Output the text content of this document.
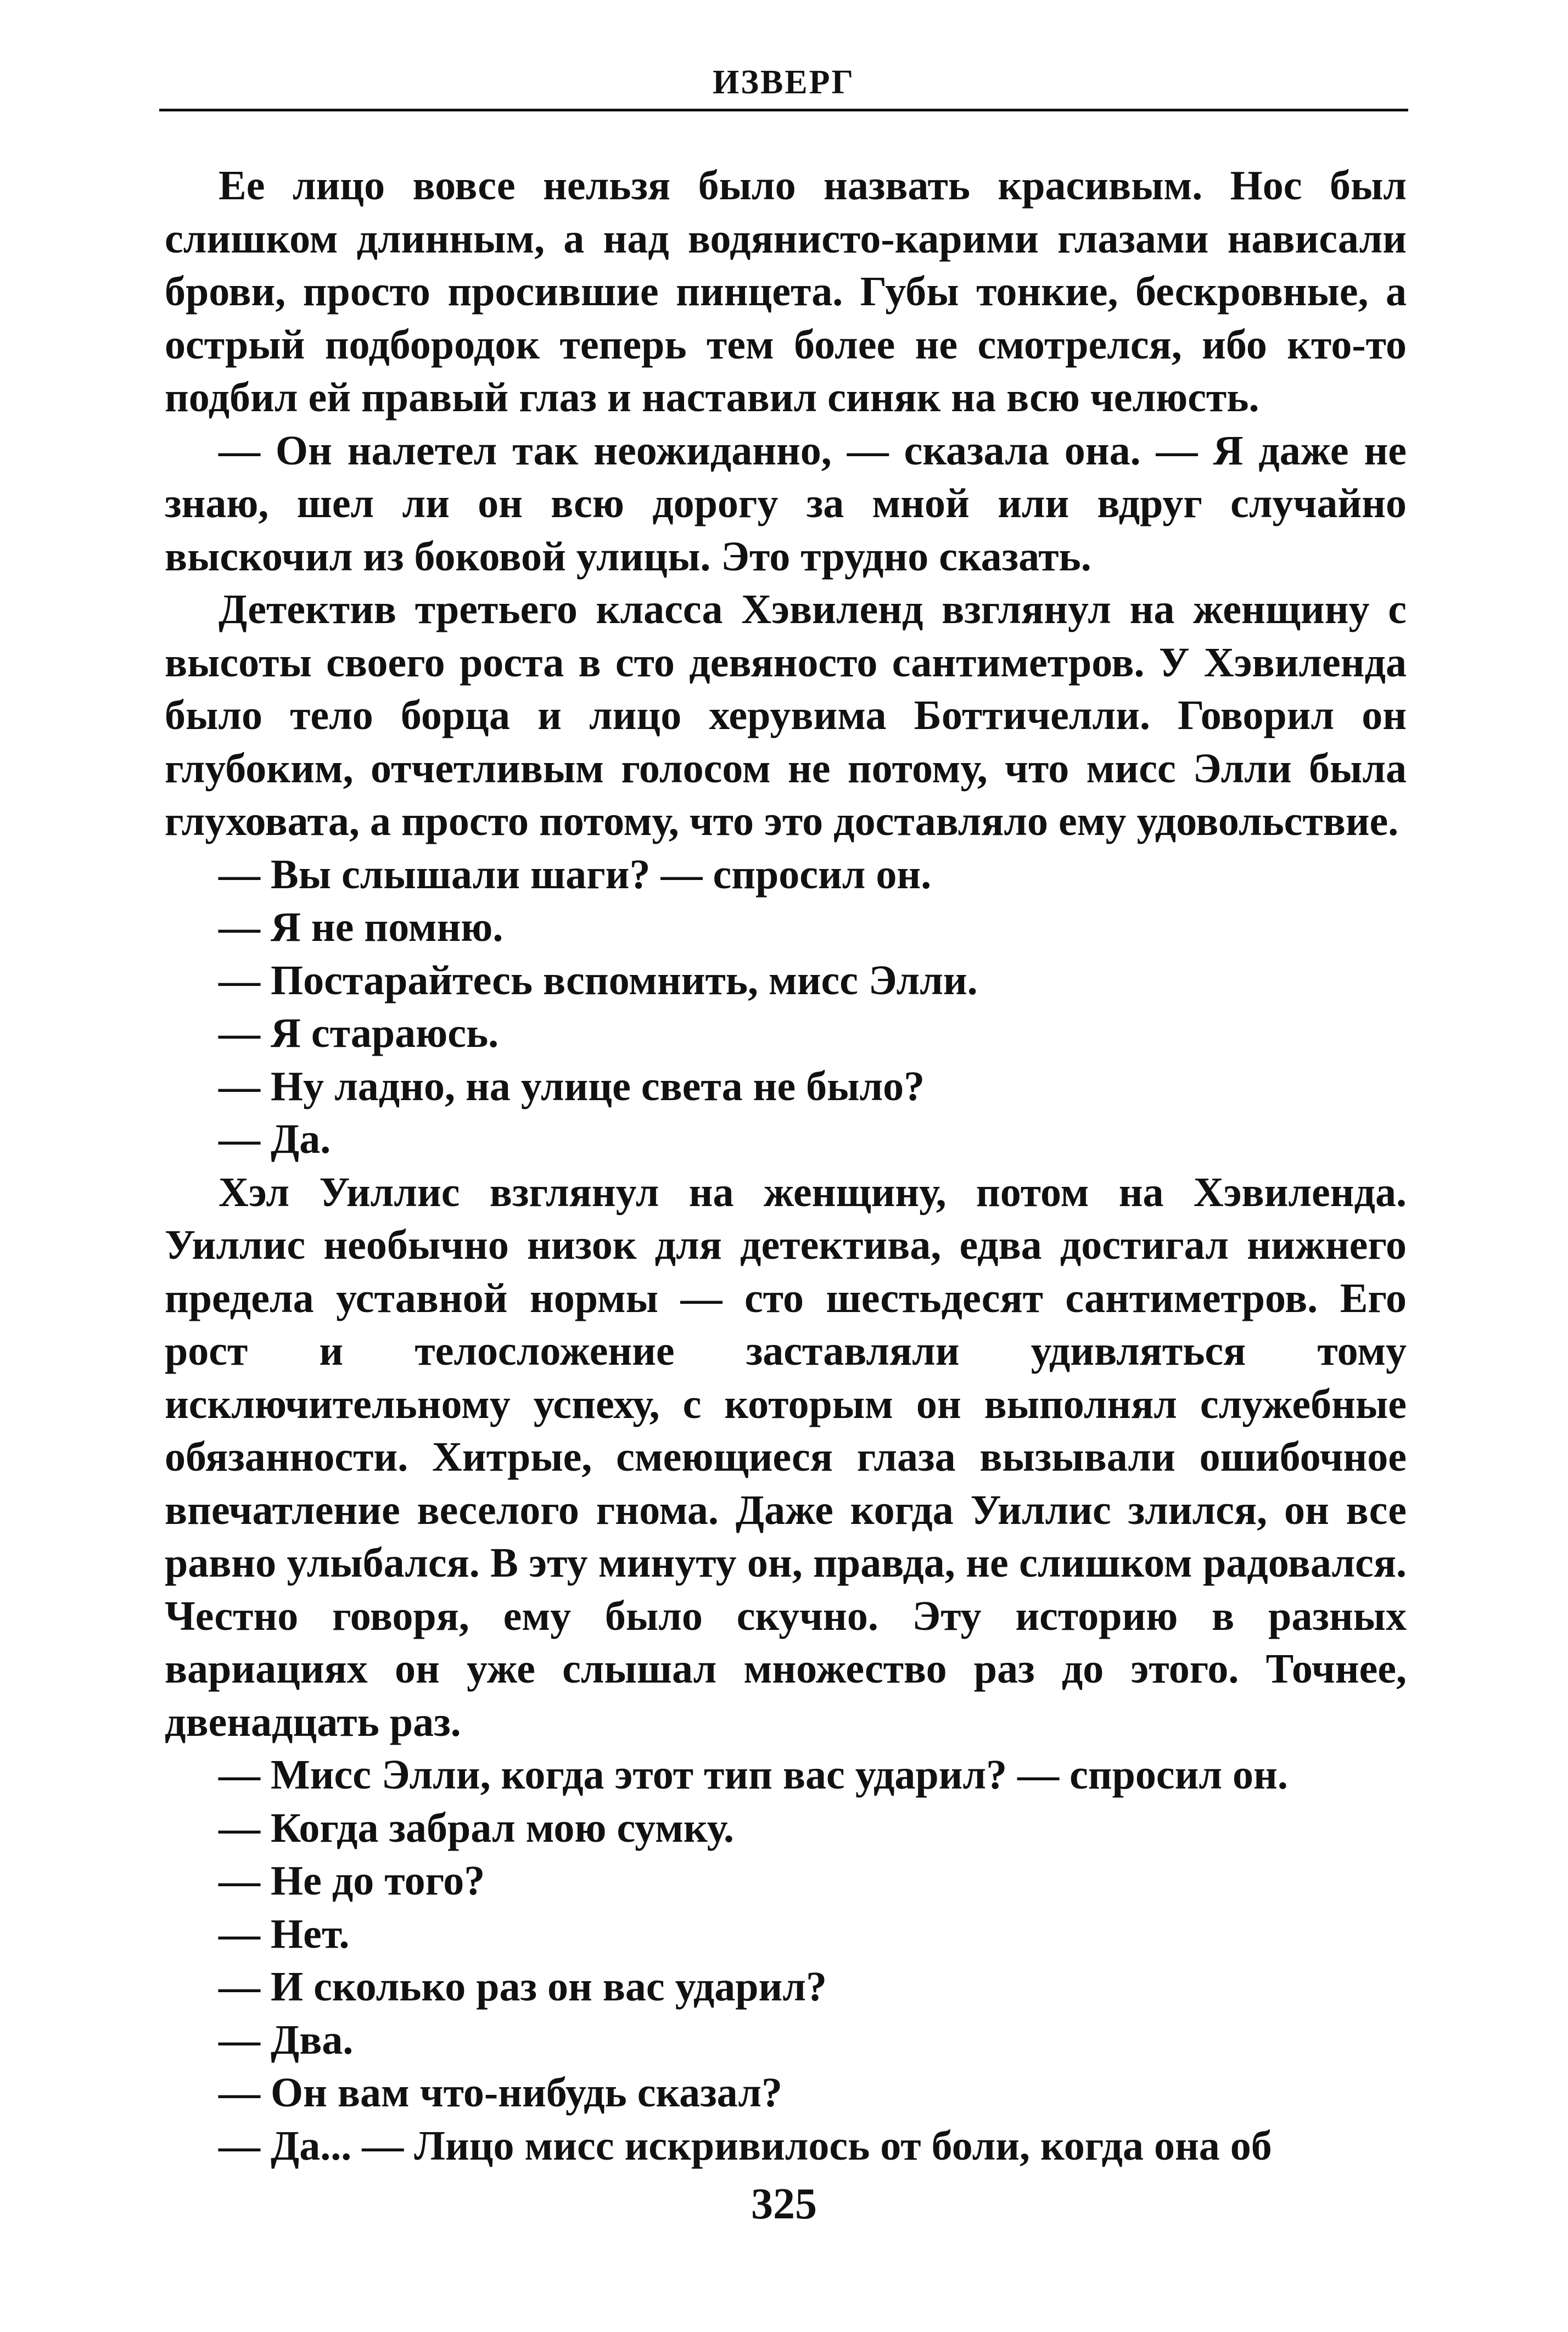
ИЗВЕРГ

Ее лицо вовсе нельзя было назвать красивым. Нос был слишком длинным, а над водянисто-карими глазами нависали брови, просто просившие пинцета. Губы тонкие, бескровные, а острый подбородок теперь тем более не смотрелся, ибо кто-то подбил ей правый глаз и наставил синяк на всю челюсть.

— Он налетел так неожиданно, — сказала она. — Я даже не знаю, шел ли он всю дорогу за мной или вдруг случайно выскочил из боковой улицы. Это трудно сказать.

Детектив третьего класса Хэвиленд взглянул на женщину с высоты своего роста в сто девяносто сантиметров. У Хэвиленда было тело борца и лицо херувима Боттичелли. Говорил он глубоким, отчетливым голосом не потому, что мисс Элли была глуховата, а просто потому, что это доставляло ему удовольствие.

— Вы слышали шаги? — спросил он.

— Я не помню.

— Постарайтесь вспомнить, мисс Элли.

— Я стараюсь.

— Ну ладно, на улице света не было?

— Да.

Хэл Уиллис взглянул на женщину, потом на Хэвиленда. Уиллис необычно низок для детектива, едва достигал нижнего предела уставной нормы — сто шестьдесят сантиметров. Его рост и телосложение заставляли удивляться тому исключительному успеху, с которым он выполнял служебные обязанности. Хитрые, смеющиеся глаза вызывали ошибочное впечатление веселого гнома. Даже когда Уиллис злился, он все равно улыбался. В эту минуту он, правда, не слишком радовался. Честно говоря, ему было скучно. Эту историю в разных вариациях он уже слышал множество раз до этого. Точнее, двенадцать раз.

— Мисс Элли, когда этот тип вас ударил? — спросил он.

— Когда забрал мою сумку.

— Не до того?

— Нет.

— И сколько раз он вас ударил?

— Два.

— Он вам что-нибудь сказал?

— Да... — Лицо мисс искривилось от боли, когда она об

325
